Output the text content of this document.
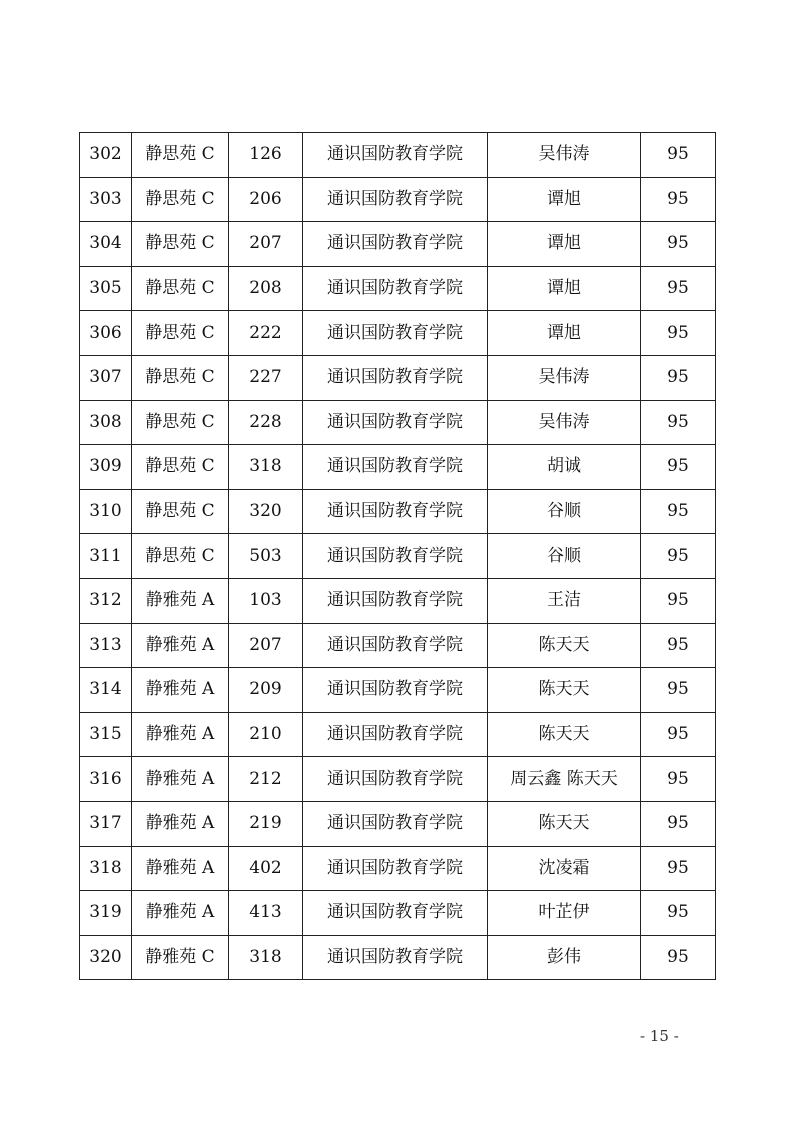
302	静思苑 C	126	通识国防教育学院	吴伟涛	95
303	静思苑 C	206	通识国防教育学院	谭旭	95
304	静思苑 C	207	通识国防教育学院	谭旭	95
305	静思苑 C	208	通识国防教育学院	谭旭	95
306	静思苑 C	222	通识国防教育学院	谭旭	95
307	静思苑 C	227	通识国防教育学院	吴伟涛	95
308	静思苑 C	228	通识国防教育学院	吴伟涛	95
309	静思苑 C	318	通识国防教育学院	胡诚	95
310	静思苑 C	320	通识国防教育学院	谷顺	95
311	静思苑 C	503	通识国防教育学院	谷顺	95
312	静雅苑 A	103	通识国防教育学院	王洁	95
313	静雅苑 A	207	通识国防教育学院	陈天天	95
314	静雅苑 A	209	通识国防教育学院	陈天天	95
315	静雅苑 A	210	通识国防教育学院	陈天天	95
316	静雅苑 A	212	通识国防教育学院	周云鑫 陈天天	95
317	静雅苑 A	219	通识国防教育学院	陈天天	95
318	静雅苑 A	402	通识国防教育学院	沈凌霜	95
319	静雅苑 A	413	通识国防教育学院	叶芷伊	95
320	静雅苑 C	318	通识国防教育学院	彭伟	95
- 15 -
